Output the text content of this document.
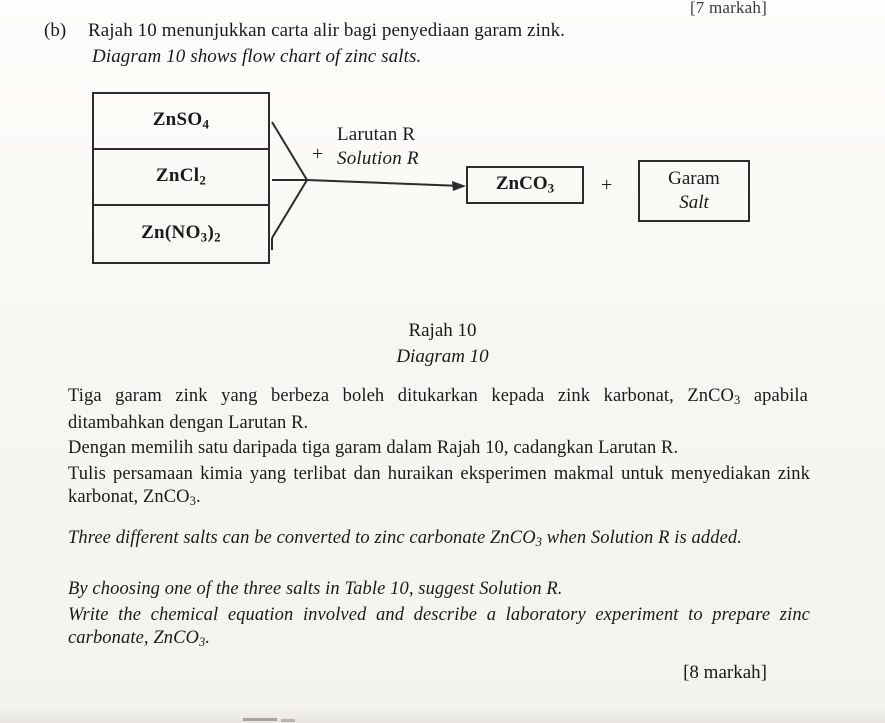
[7 markah]
(b) Rajah 10 menunjukkan carta alir bagi penyediaan garam zink.
Diagram 10 shows flow chart of zinc salts.
ZnSO$_4$
ZnCl$_2$
$Zn(NO_3)_2$
+
Larutan R
Solution R
ZnCO$_3$ +	Garam
Salt
Rajah 10
Diagram 10
Tiga garam zink yang berbeza boleh ditukarkan kepada zink karbonat, ZnCO$_3$ apabila ditambahkan dengan Larutan R.
Dengan memilih satu daripada tiga garam dalam Rajah 10, cadangkan Larutan R.
Tulis persamaan kimia yang terlibat dan huraikan eksperimen makmal untuk menyediakan zink karbonat, ZnCO$_3$.
Three different salts can be converted to zinc carbonate ZnCO$_3$ when Solution R is added.
By choosing one of the three salts in Table 10, suggest Solution R.
Write the chemical equation involved and describe a laboratory experiment to prepare zinc carbonate, ZnCO$_3$.
[8 markah]
